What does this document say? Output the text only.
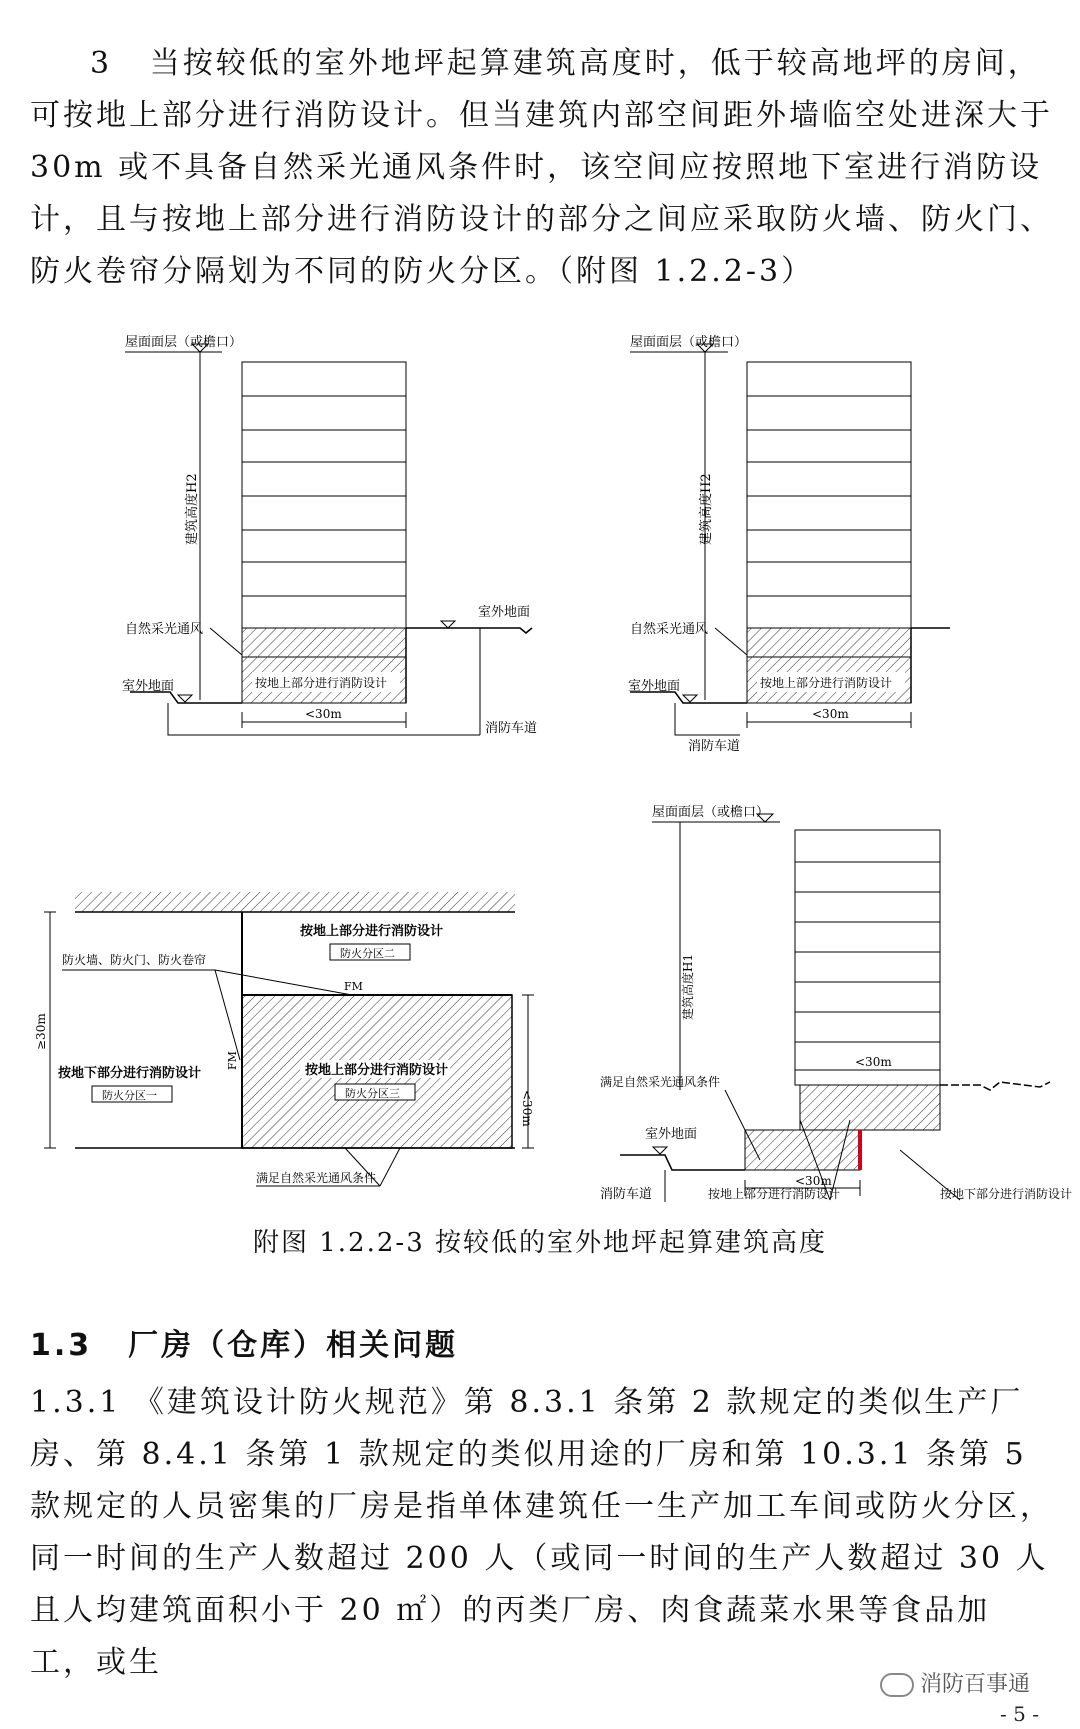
3 当按较低的室外地坪起算建筑高度时，低于较高地坪的房间，可按地上部分进行消防设计。但当建筑内部空间距外墙临空处进深大于 30m 或不具备自然采光通风条件时，该空间应按照地下室进行消防设计，且与按地上部分进行消防设计的部分之间应采取防火墙、防火门、防火卷帘分隔划为不同的防火分区。（附图 1.2.2-3）

屋面面层（或檐口）
建筑高度H2
按地上部分进行消防设计
自然采光通风
室外地面
室外地面
<30m
消防车道
屋面面层（或檐口）
建筑高度H2
按地上部分进行消防设计
自然采光通风
室外地面
<30m
消防车道
≥30m
<30m
按地上部分进行消防设计
防火分区二
按地下部分进行消防设计
防火分区一
按地上部分进行消防设计
防火分区三
防火墙、防火门、防火卷帘
FM
FM
满足自然采光通风条件
屋面面层（或檐口）
建筑高度H1
<30m
满足自然采光通风条件
室外地面
<30m
消防车道	按地上部分进行消防设计	按地下部分进行消防设计
附图 1.2.2-3 按较低的室外地坪起算建筑高度
1.3 厂房（仓库）相关问题

1.3.1 《建筑设计防火规范》第 8.3.1 条第 2 款规定的类似生产厂房、第 8.4.1 条第 1 款规定的类似用途的厂房和第 10.3.1 条第 5 款规定的人员密集的厂房是指单体建筑任一生产加工车间或防火分区，同一时间的生产人数超过 200 人（或同一时间的生产人数超过 30 人且人均建筑面积小于 20 ㎡）的丙类厂房、肉食蔬菜水果等食品加工，或生

消防百事通
- 5 -
